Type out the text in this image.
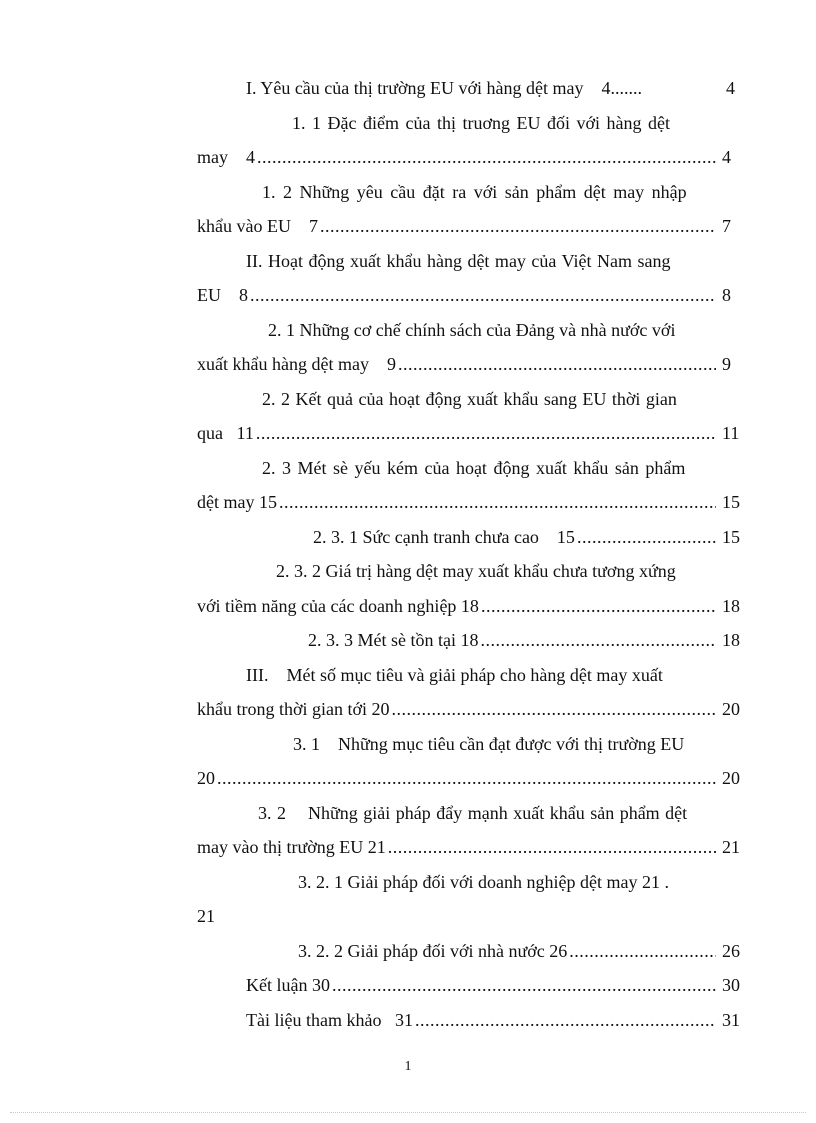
I. Yêu cầu của thị trường EU với hàng dệt may    4.......	4
1. 1 Đặc điểm của thị truơng EU đối với hàng dệt
may    4 .....	4
1. 2 Những yêu cầu đặt ra với sản phẩm dệt may nhập
khẩu vào EU    7 .....	7
II. Hoạt động xuất khẩu hàng dệt may của Việt Nam sang
EU    8 .....	8
2. 1 Những cơ chế chính sách của Đảng và nhà nước với
xuất khẩu hàng dệt may    9 .....	9
2. 2 Kết quả của hoạt động xuất khẩu sang EU thời gian
qua   11 .....	11
2. 3 Mét sè yếu kém của hoạt động xuất khẩu sản phẩm
dệt may 15 .....	15
2. 3. 1 Sức cạnh tranh chưa cao    15 .....	15
2. 3. 2 Giá trị hàng dệt may xuất khẩu chưa tương xứng
với tiềm năng của các doanh nghiệp 18 .....	18
2. 3. 3 Mét sè tồn tại 18 .....	18
III.    Mét số mục tiêu và giải pháp cho hàng dệt may xuất
khẩu trong thời gian tới 20 .....	20
3. 1    Những mục tiêu cần đạt được với thị trường EU
20 .....	20
3. 2    Những giải pháp đẩy mạnh xuất khẩu sản phẩm dệt
may vào thị trường EU 21 .....	21
3. 2. 1 Giải pháp đối với doanh nghiệp dệt may 21 .
21
3. 2. 2 Giải pháp đối với nhà nước 26 .....	26
Kết luận 30 .....	30
Tài liệu tham khảo   31 .....	31
1
